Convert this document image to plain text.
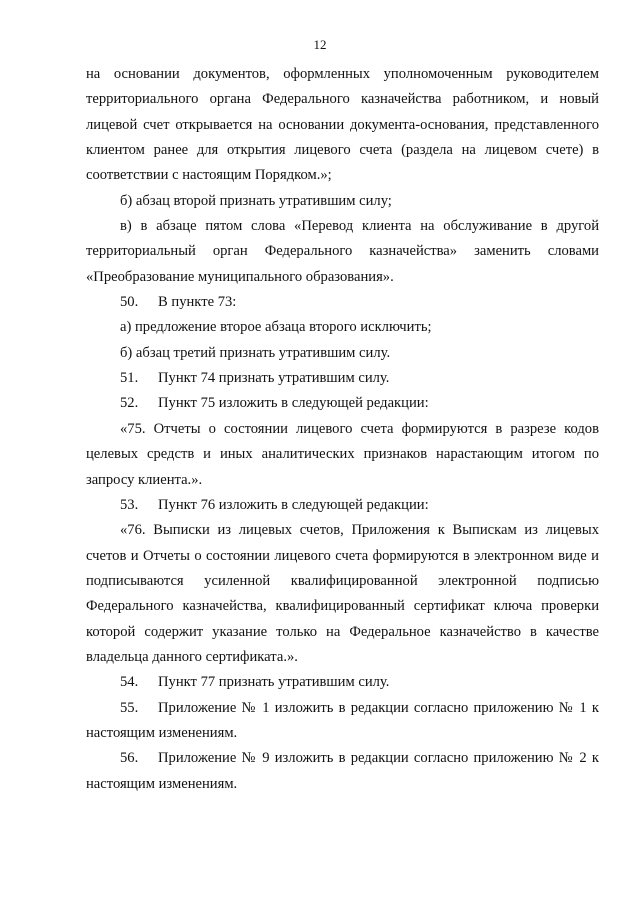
12

на основании документов, оформленных уполномоченным руководителем территориального органа Федерального казначейства работником, и новый лицевой счет открывается на основании документа-основания, представленного клиентом ранее для открытия лицевого счета (раздела на лицевом счете) в соответствии с настоящим Порядком.»;

б) абзац второй признать утратившим силу;

в) в абзаце пятом слова «Перевод клиента на обслуживание в другой территориальный орган Федерального казначейства» заменить словами «Преобразование муниципального образования».

50. В пункте 73:

а) предложение второе абзаца второго исключить;

б) абзац третий признать утратившим силу.

51. Пункт 74 признать утратившим силу.

52. Пункт 75 изложить в следующей редакции:

«75. Отчеты о состоянии лицевого счета формируются в разрезе кодов целевых средств и иных аналитических признаков нарастающим итогом по запросу клиента.».

53. Пункт 76 изложить в следующей редакции:

«76. Выписки из лицевых счетов, Приложения к Выпискам из лицевых счетов и Отчеты о состоянии лицевого счета формируются в электронном виде и подписываются усиленной квалифицированной электронной подписью Федерального казначейства, квалифицированный сертификат ключа проверки которой содержит указание только на Федеральное казначейство в качестве владельца данного сертификата.».

54. Пункт 77 признать утратившим силу.

55. Приложение № 1 изложить в редакции согласно приложению № 1 к настоящим изменениям.

56. Приложение № 9 изложить в редакции согласно приложению № 2 к настоящим изменениям.
